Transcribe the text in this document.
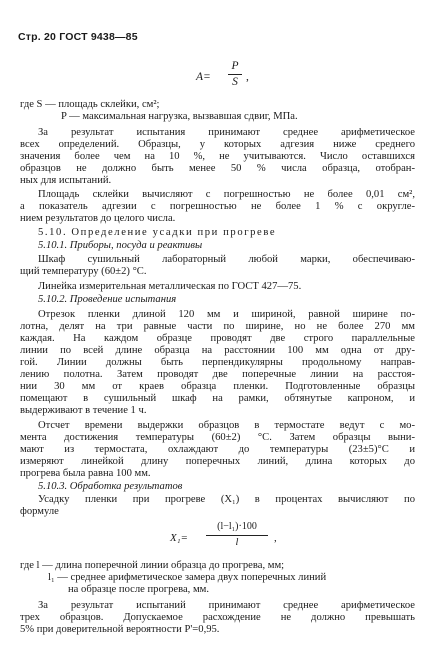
Стр. 20 ГОСТ 9438—85
A=
P
S ,
где S — площадь склейки, см²;
P — максимальная нагрузка, вызвавшая сдвиг, МПа.
За результат испытания принимают среднее арифметическое
всех определений. Образцы, у которых адгезия ниже среднего
значения более чем на 10 %, не учитываются. Число оставшихся
образцов не должно быть менее 50 % числа образца, отобран-
ных для испытаний.
Площадь склейки вычисляют с погрешностью не более 0,01 см²,
а показатель адгезии с погрешностью не более 1 % с округле-
нием результатов до целого числа.
5.10. Определение усадки при прогреве
5.10.1. Приборы, посуда и реактивы
Шкаф сушильный лабораторный любой марки, обеспечиваю-
щий температуру (60±2) °С.
Линейка измерительная металлическая по ГОСТ 427—75.
5.10.2. Проведение испытания
Отрезок пленки длиной 120 мм и шириной, равной ширине по-
лотна, делят на три равные части по ширине, но не более 270 мм
каждая. На каждом образце проводят две строго параллельные
линии по всей длине образца на расстоянии 100 мм одна от дру-
гой. Линии должны быть перпендикулярны продольному направ-
лению полотна. Затем проводят две поперечные линии на расстоя-
нии 30 мм от краев образца пленки. Подготовленные образцы
помещают в сушильный шкаф на рамки, обтянутые капроном, и
выдерживают в течение 1 ч.
Отсчет времени выдержки образцов в термостате ведут с мо-
мента достижения температуры (60±2) °С. Затем образцы выни-
мают из термостата, охлаждают до температуры (23±5)°С и
измеряют линейкой длину поперечных линий, длина которых до
прогрева была равна 100 мм.
5.10.3. Обработка результатов
Усадку пленки при прогреве (X₁) в процентах вычисляют по
формуле
X₁=
(l−l₁)·100
l	,
где l — длина поперечной линии образца до прогрева, мм;
l₁ — среднее арифметическое замера двух поперечных линий
на образце после прогрева, мм.
За результат испытаний принимают среднее арифметическое
трех образцов. Допускаемое расхождение не должно превышать
5% при доверительной вероятности P'=0,95.
